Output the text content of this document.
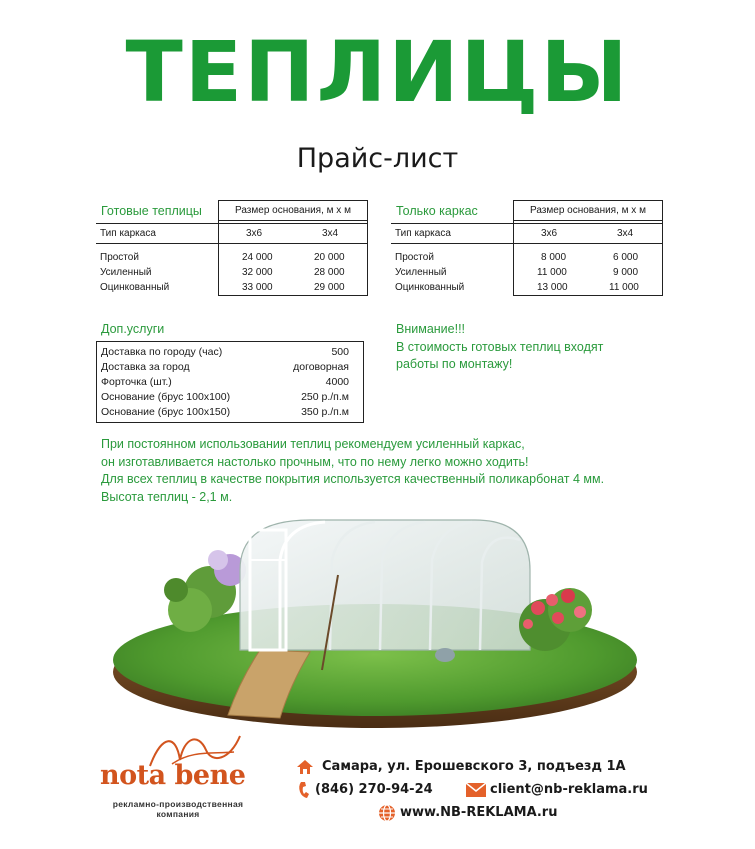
ТЕПЛИЦЫ
Прайс-лист
Готовые теплицы	Размер основания, м х м
Тип каркаса	3х6	3х4
Простой	24 000	20 000
Усиленный	32 000	28 000
Оцинкованный	33 000	29 000
Только каркас	Размер основания, м х м
Тип каркаса	3х6	3х4
Простой	8 000	6 000
Усиленный	11 000	9 000
Оцинкованный	13 000	11 000
Доп.услуги
Доставка по городу (час)	500
Доставка за город	договорная
Форточка (шт.)	4000
Основание (брус 100х100)	250 р./п.м
Основание (брус 100х150)	350 р./п.м
Внимание!!!
В стоимость готовых теплиц входят
работы по монтажу!
При постоянном использовании теплиц рекомендуем усиленный каркас,
он изготавливается настолько прочным, что по нему легко можно ходить!
Для всех теплиц в качестве покрытия используется качественный поликарбонат 4 мм.
Высота теплиц - 2,1 м.
nota bene
рекламно-производственная
компания
Самара, ул. Ерошевского 3, подъезд 1А
(846) 270-94-24	client@nb-reklama.ru
www.NB-REKLAMA.ru
